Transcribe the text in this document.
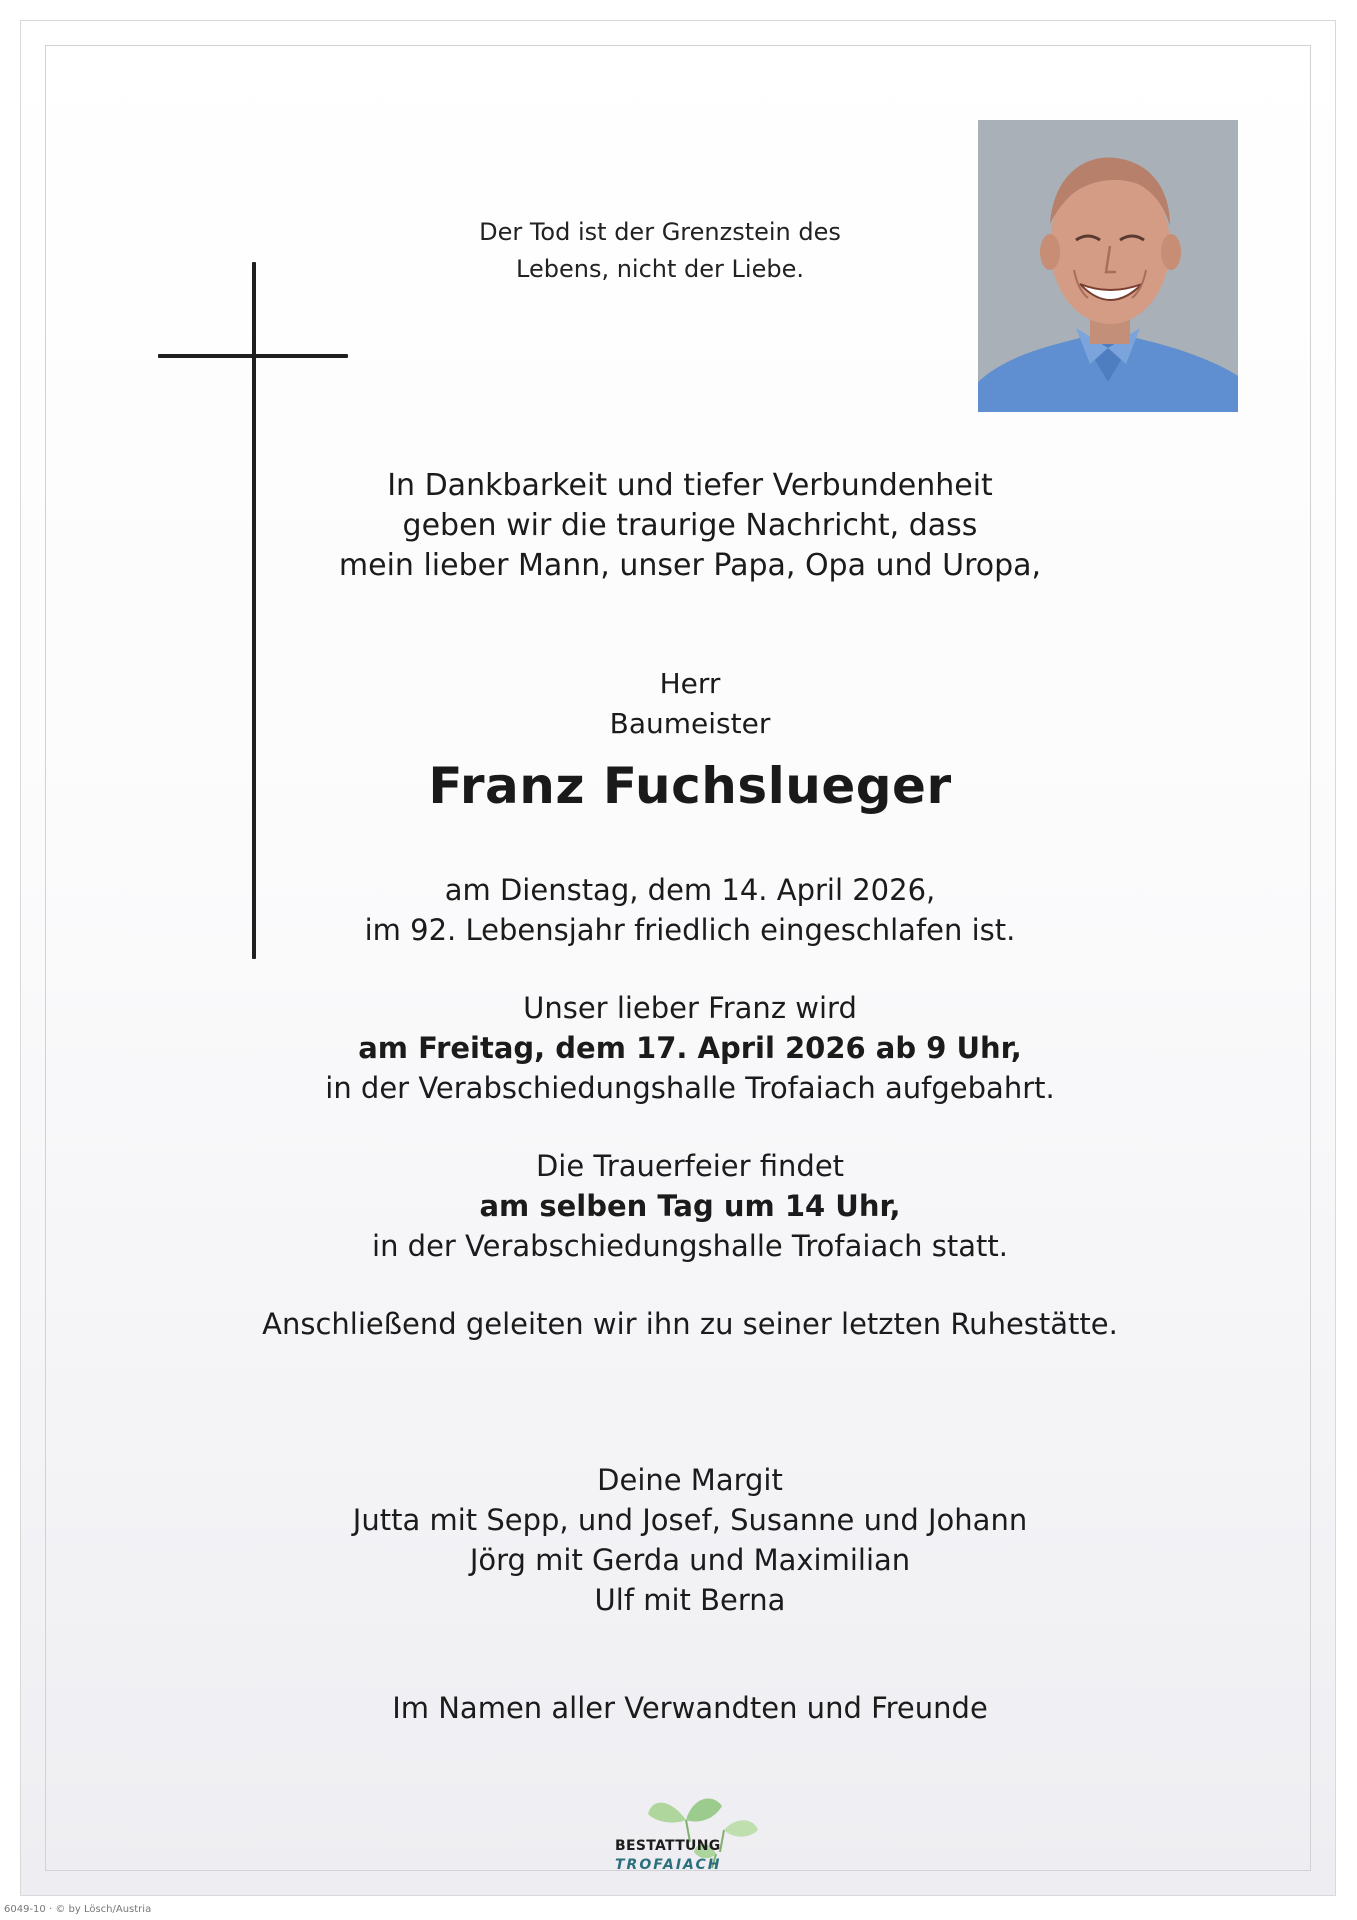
Der Tod ist der Grenzstein des
Lebens, nicht der Liebe.

In Dankbarkeit und tiefer Verbundenheit
geben wir die traurige Nachricht, dass
mein lieber Mann, unser Papa, Opa und Uropa,

Herr

Baumeister

Franz Fuchslueger

am Dienstag, dem 14. April 2026,
im 92. Lebensjahr friedlich eingeschlafen ist.

Unser lieber Franz wird
am Freitag, dem 17. April 2026 ab 9 Uhr,
in der Verabschiedungshalle Trofaiach aufgebahrt.

Die Trauerfeier findet
am selben Tag um 14 Uhr,
in der Verabschiedungshalle Trofaiach statt.

Anschließend geleiten wir ihn zu seiner letzten Ruhestätte.

Deine Margit
Jutta mit Sepp, und Josef, Susanne und Johann
Jörg mit Gerda und Maximilian
Ulf mit Berna

Im Namen aller Verwandten und Freunde

BESTATTUNG
TROFAIACH
6049-10 · © by Lösch/Austria
